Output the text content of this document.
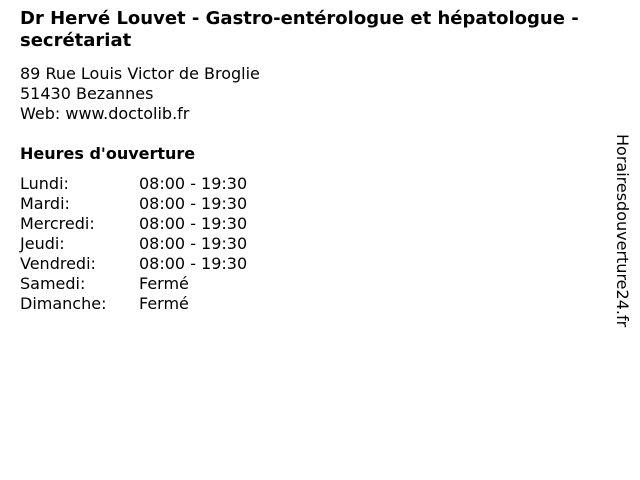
Dr Hervé Louvet - Gastro-entérologue et hépatologue - secrétariat
89 Rue Louis Victor de Broglie
51430 Bezannes
Web: www.doctolib.fr
Heures d'ouverture
Lundi:	08:00 - 19:30
Mardi:	08:00 - 19:30
Mercredi:	08:00 - 19:30
Jeudi:	08:00 - 19:30
Vendredi:	08:00 - 19:30
Samedi:	Fermé
Dimanche:	Fermé	Horairesdouverture24.fr
